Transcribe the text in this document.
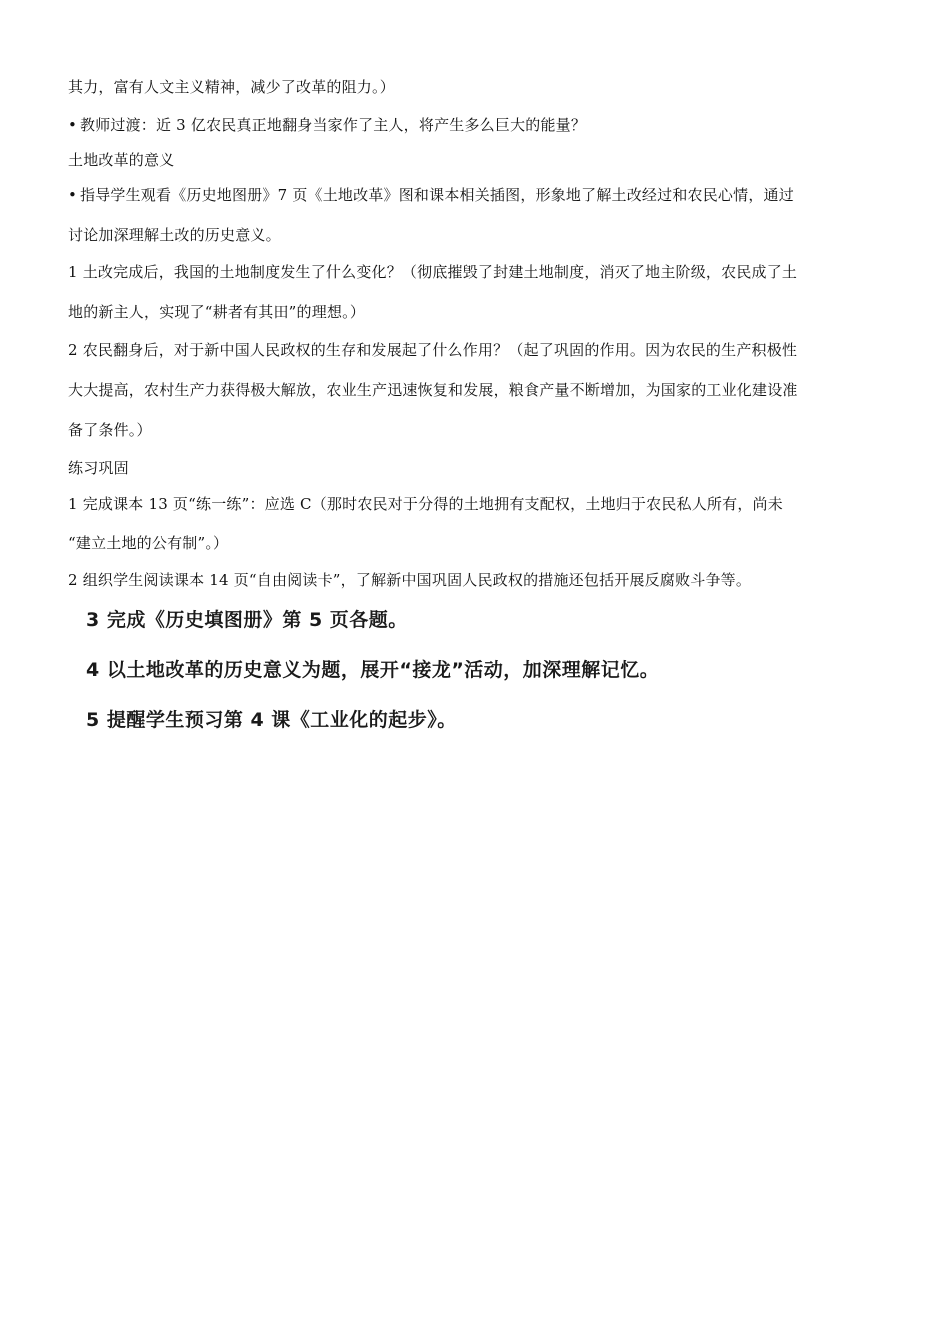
其力，富有人文主义精神，减少了改革的阻力。）
• 教师过渡：近 3 亿农民真正地翻身当家作了主人，将产生多么巨大的能量？
土地改革的意义
• 指导学生观看《历史地图册》7 页《土地改革》图和课本相关插图，形象地了解土改经过和农民心情，通过
讨论加深理解土改的历史意义。
1 土改完成后，我国的土地制度发生了什么变化？（彻底摧毁了封建土地制度，消灭了地主阶级，农民成了土
地的新主人，实现了“耕者有其田”的理想。）
2 农民翻身后，对于新中国人民政权的生存和发展起了什么作用？（起了巩固的作用。因为农民的生产积极性
大大提高，农村生产力获得极大解放，农业生产迅速恢复和发展，粮食产量不断增加，为国家的工业化建设准
备了条件。）
练习巩固
1 完成课本 13 页“练一练”：应选 C（那时农民对于分得的土地拥有支配权，土地归于农民私人所有，尚未
“建立土地的公有制”。）
2 组织学生阅读课本 14 页“自由阅读卡”，了解新中国巩固人民政权的措施还包括开展反腐败斗争等。
3 完成《历史填图册》第 5 页各题。
4 以土地改革的历史意义为题，展开“接龙”活动，加深理解记忆。
5 提醒学生预习第 4 课《工业化的起步》。
